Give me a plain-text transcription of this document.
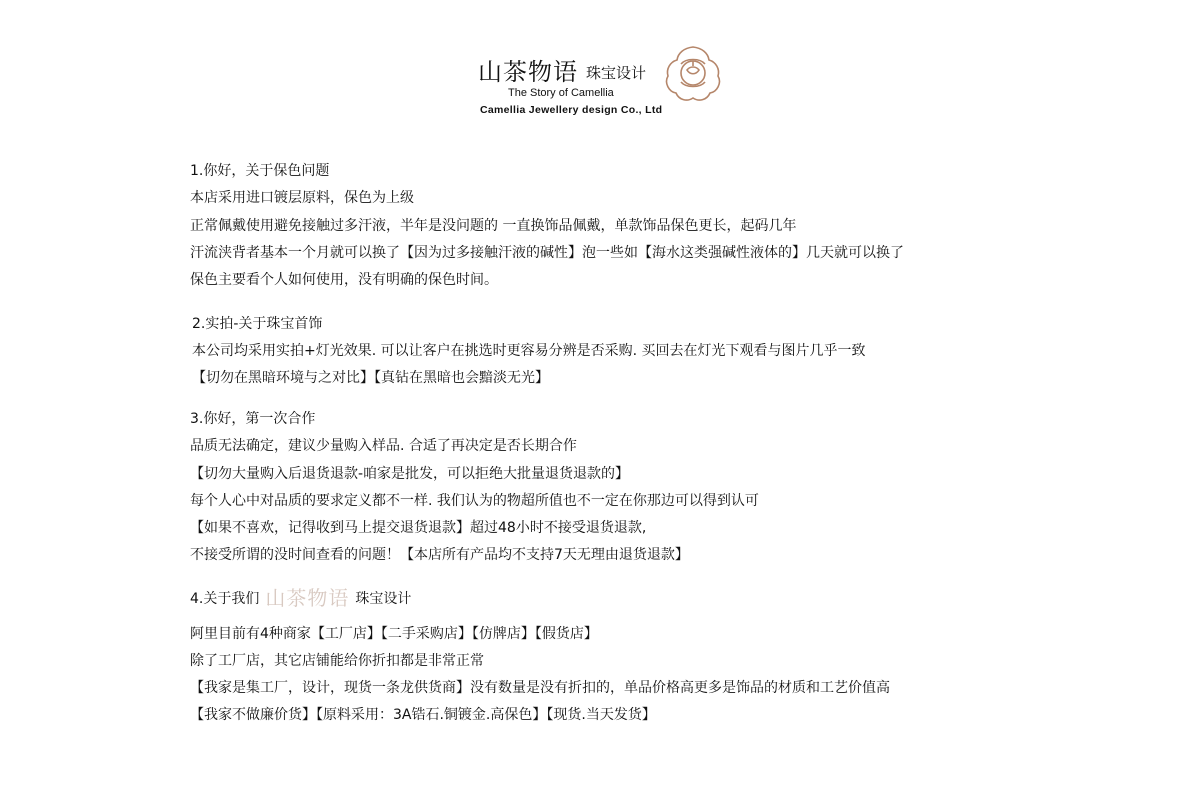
山茶物语 珠宝设计
The Story of Camellia
Camellia Jewellery design Co., Ltd
1.你好，关于保色问题
本店采用进口镀层原料，保色为上级
正常佩戴使用避免接触过多汗液，半年是没问题的 一直换饰品佩戴，单款饰品保色更长，起码几年
汗流浃背者基本一个月就可以换了【因为过多接触汗液的碱性】泡一些如【海水这类强碱性液体的】几天就可以换了
保色主要看个人如何使用，没有明确的保色时间。
2.实拍-关于珠宝首饰
本公司均采用实拍+灯光效果. 可以让客户在挑选时更容易分辨是否采购. 买回去在灯光下观看与图片几乎一致
【切勿在黑暗环境与之对比】【真钻在黑暗也会黯淡无光】
3.你好，第一次合作
品质无法确定，建议少量购入样品. 合适了再决定是否长期合作
【切勿大量购入后退货退款-咱家是批发，可以拒绝大批量退货退款的】
每个人心中对品质的要求定义都不一样. 我们认为的物超所值也不一定在你那边可以得到认可
【如果不喜欢，记得收到马上提交退货退款】超过48小时不接受退货退款,
不接受所谓的没时间查看的问题！【本店所有产品均不支持7天无理由退货退款】
4.关于我们 山茶物语 珠宝设计
阿里目前有4种商家【工厂店】【二手采购店】【仿牌店】【假货店】
除了工厂店，其它店铺能给你折扣都是非常正常
【我家是集工厂，设计，现货一条龙供货商】没有数量是没有折扣的，单品价格高更多是饰品的材质和工艺价值高
【我家不做廉价货】【原料采用：3A锆石.铜镀金.高保色】【现货.当天发货】
